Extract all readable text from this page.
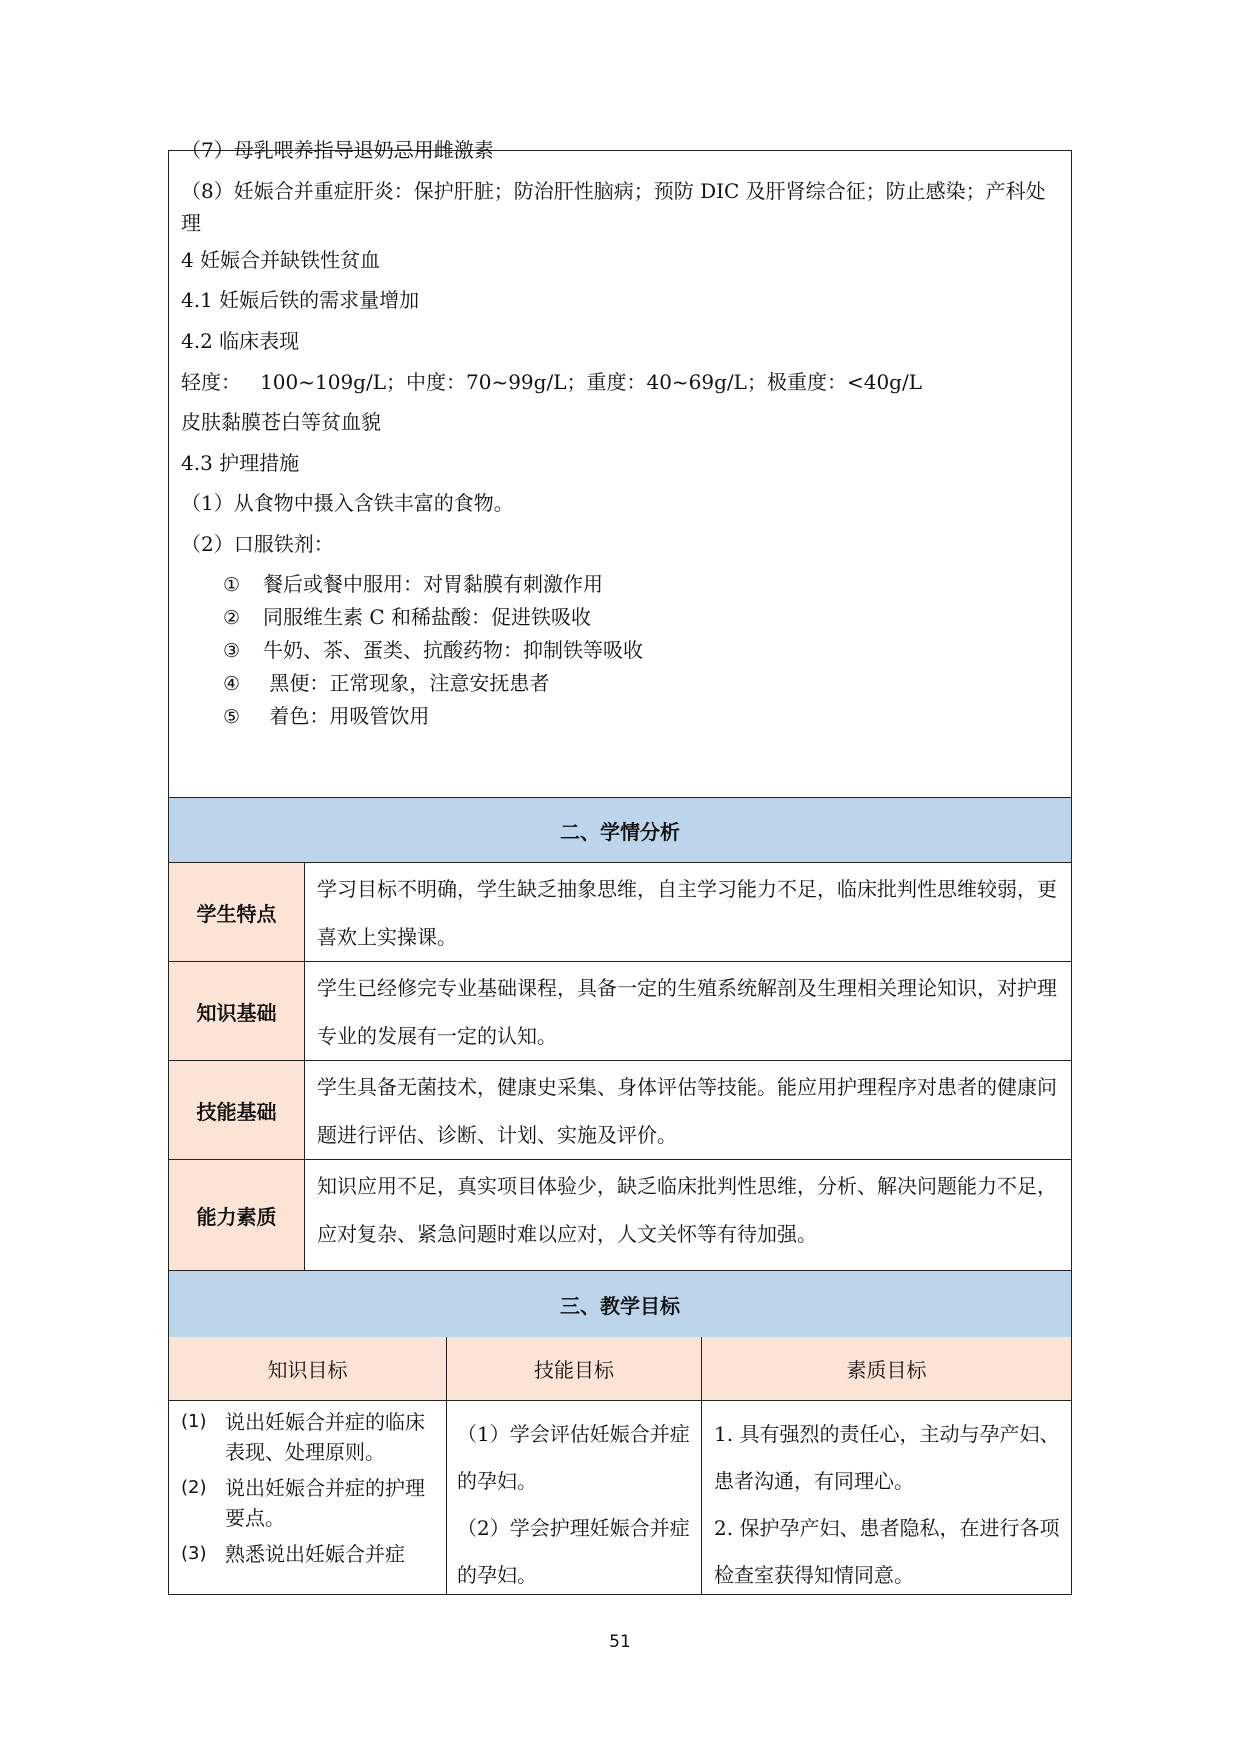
（7）母乳喂养指导退奶忌用雌激素
（8）妊娠合并重症肝炎：保护肝脏；防治肝性脑病；预防 DIC 及肝肾综合征；防止感染；产科处理
4 妊娠合并缺铁性贫血
4.1 妊娠后铁的需求量增加
4.2 临床表现
轻度：   100~109g/L；中度：70~99g/L；重度：40~69g/L；极重度：<40g/L
皮肤黏膜苍白等贫血貌
4.3 护理措施
（1）从食物中摄入含铁丰富的食物。
（2）口服铁剂：
① 餐后或餐中服用：对胃黏膜有刺激作用
② 同服维生素 C 和稀盐酸：促进铁吸收
③ 牛奶、茶、蛋类、抗酸药物：抑制铁等吸收
④ 黑便：正常现象，注意安抚患者
⑤ 着色：用吸管饮用
二、学情分析
学生特点
学习目标不明确，学生缺乏抽象思维，自主学习能力不足，临床批判性思维较弱，更喜欢上实操课。
知识基础
学生已经修完专业基础课程，具备一定的生殖系统解剖及生理相关理论知识，对护理专业的发展有一定的认知。
技能基础
学生具备无菌技术，健康史采集、身体评估等技能。能应用护理程序对患者的健康问题进行评估、诊断、计划、实施及评价。
能力素质
知识应用不足，真实项目体验少，缺乏临床批判性思维，分析、解决问题能力不足，应对复杂、紧急问题时难以应对，人文关怀等有待加强。
三、教学目标
知识目标	技能目标	素质目标
(1) 说出妊娠合并症的临床表现、处理原则。
(2) 说出妊娠合并症的护理要点。
(3) 熟悉说出妊娠合并症
（1）学会评估妊娠合并症的孕妇。
（2）学会护理妊娠合并症的孕妇。
1. 具有强烈的责任心，主动与孕产妇、患者沟通，有同理心。
2. 保护孕产妇、患者隐私，在进行各项检查室获得知情同意。
51
